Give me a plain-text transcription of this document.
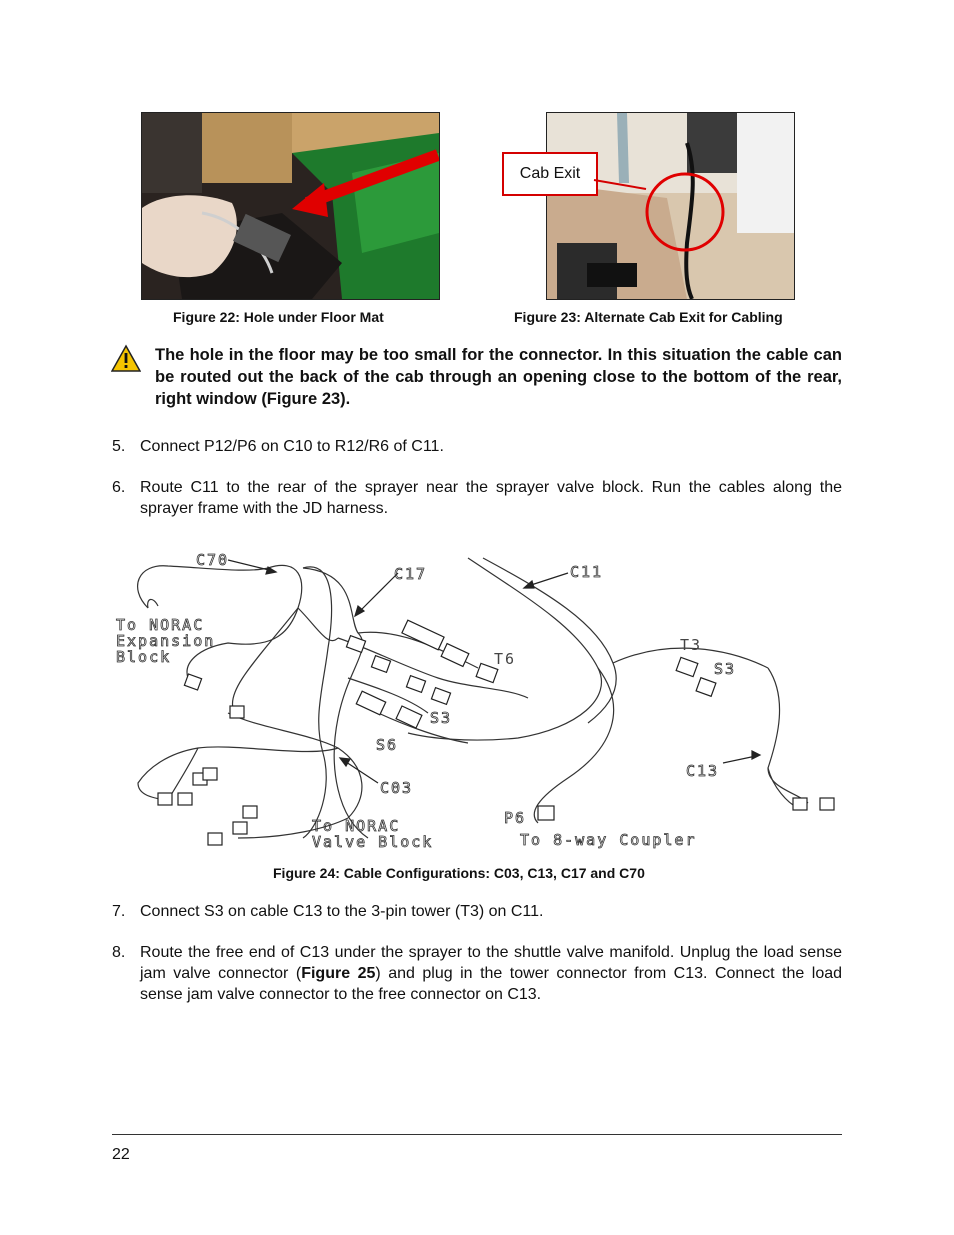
Figure 22: Hole under Floor Mat
Cab Exit
Figure 23: Alternate Cab Exit for Cabling
The hole in the floor may be too small for the connector. In this situation the cable can be routed out the back of the cab through an opening close to the bottom of the rear, right window (Figure 23).
5. Connect P12/P6 on C10 to R12/R6 of C11.
6. Route C11 to the rear of the sprayer near the sprayer valve block. Run the cables along the sprayer frame with the JD harness.
C70
C17	C11
C03
C13
T6
T3
S3
S3
S6
P6
To NORAC
Expansion
Block
To NORAC
Valve Block	To 8-way Coupler
Figure 24: Cable Configurations: C03, C13, C17 and C70
7. Connect S3 on cable C13 to the 3-pin tower (T3) on C11.
8. Route the free end of C13 under the sprayer to the shuttle valve manifold. Unplug the load sense jam valve connector (Figure 25) and plug in the tower connector from C13. Connect the load sense jam valve connector to the free connector on C13.
22
